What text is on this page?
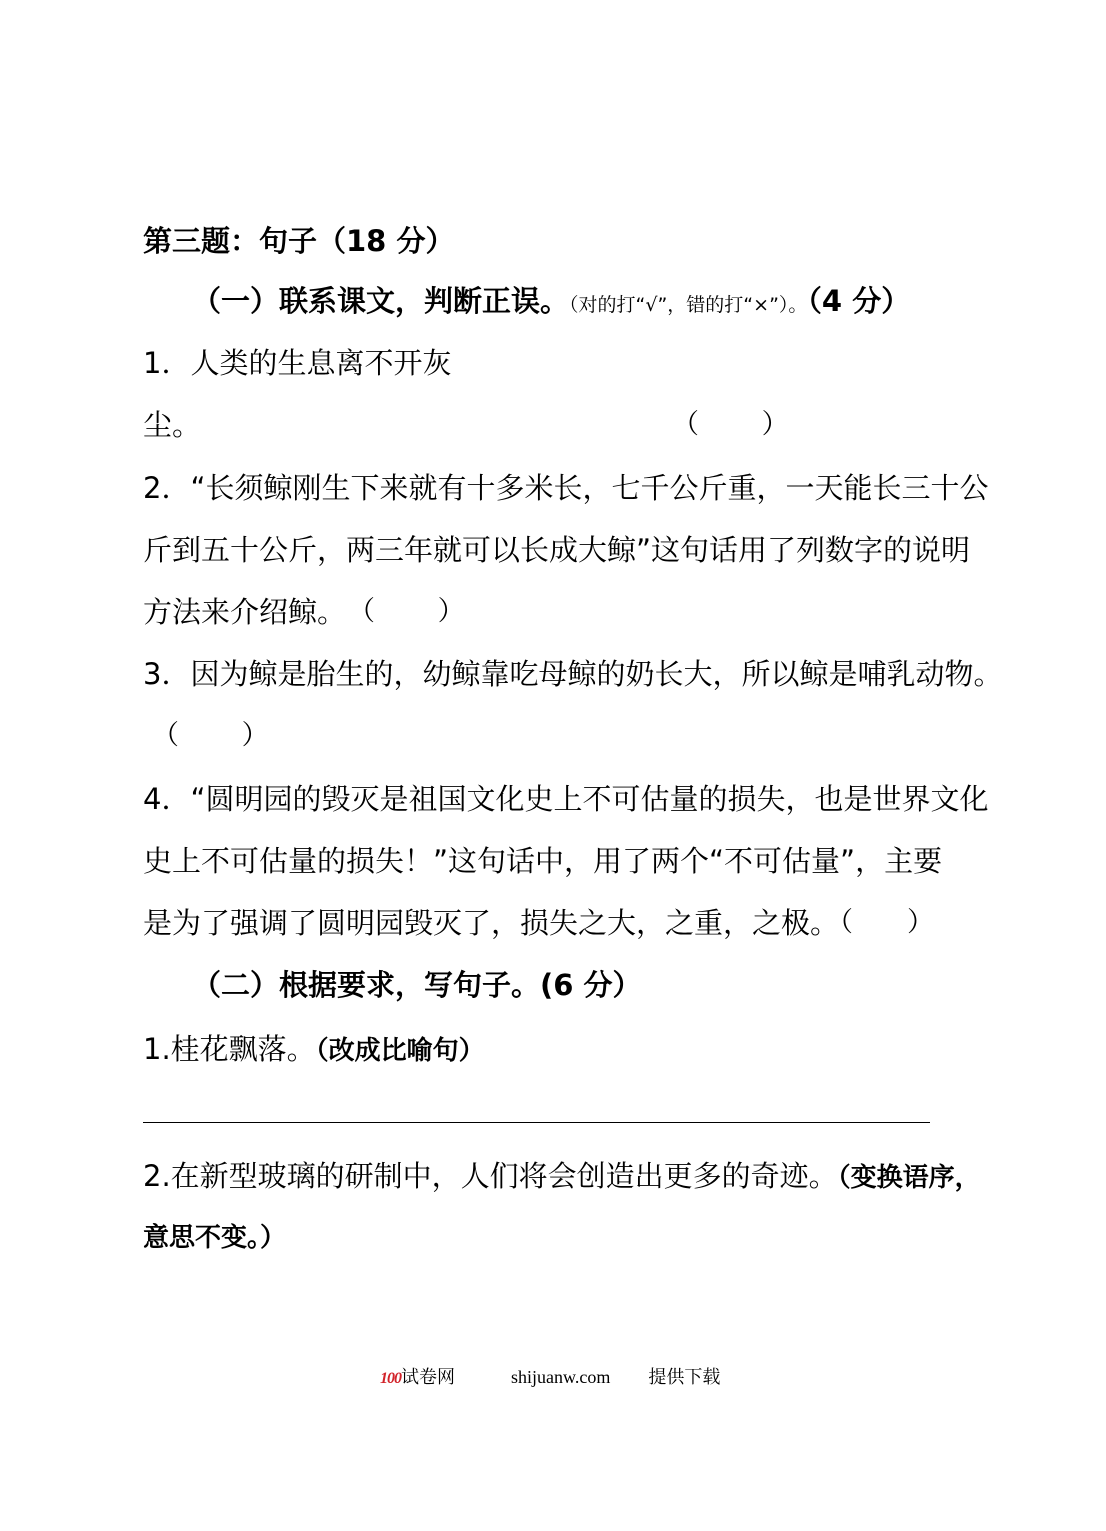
第三题：句子（18 分）
（一）联系课文，判断正误。（对的打“√”，错的打“×”）。（4 分）
1．人类的生息离不开灰
尘。	（　　 ）
2．“长须鲸刚生下来就有十多米长，七千公斤重，一天能长三十公
斤到五十公斤，两三年就可以长成大鲸”这句话用了列数字的说明
方法来介绍鲸。 （　　 ）
3．因为鲸是胎生的，幼鲸靠吃母鲸的奶长大，所以鲸是哺乳动物。
（　　 ）
4．“圆明园的毁灭是祖国文化史上不可估量的损失，也是世界文化
史上不可估量的损失！”这句话中，用了两个“不可估量”，主要
是为了强调了圆明园毁灭了，损失之大，之重，之极。
（　　）
（二）根据要求，写句子。(6 分）
1.桂花飘落。（改成比喻句）
2.在新型玻璃的研制中，人们将会创造出更多的奇迹。（变换语序，
意思不变。）
100试卷网	shijuanw.com 提供下载
